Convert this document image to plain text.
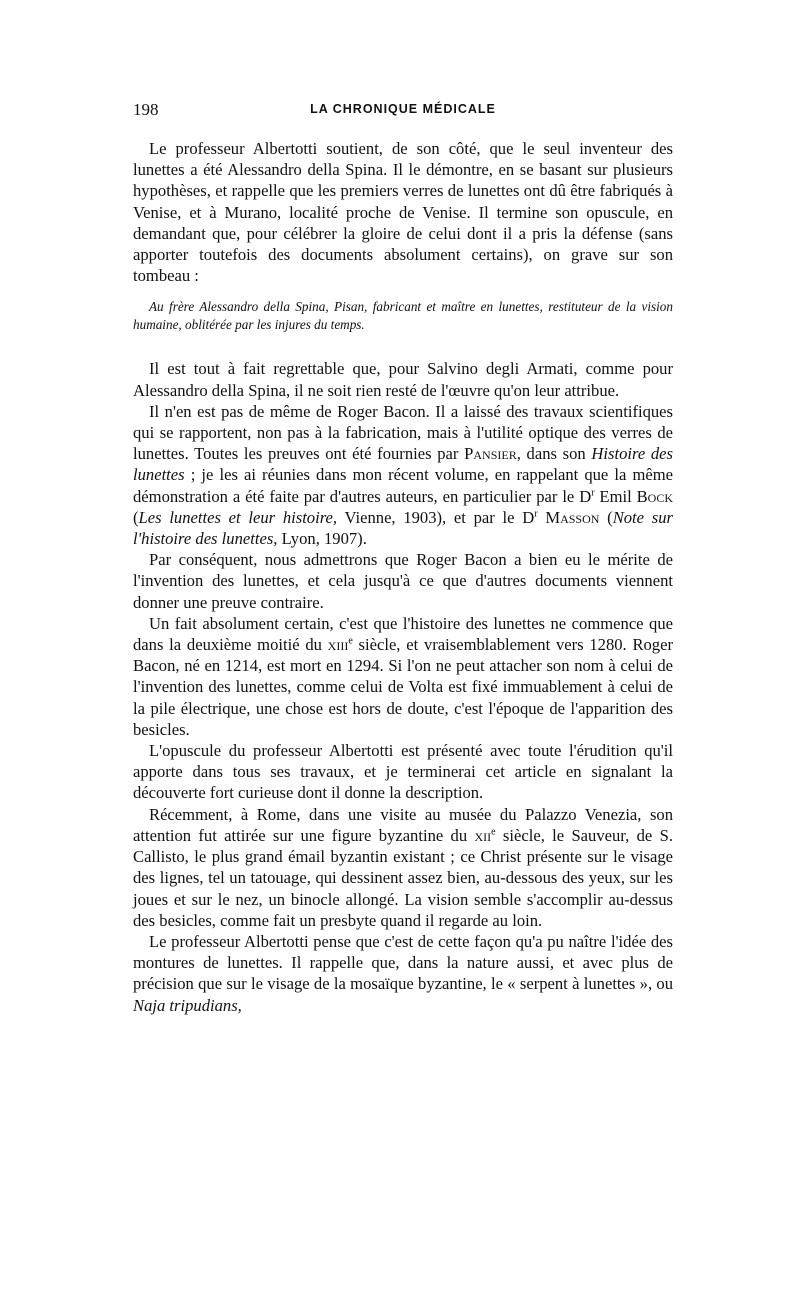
198	LA CHRONIQUE MÉDICALE

Le professeur Albertotti soutient, de son côté, que le seul inventeur des lunettes a été Alessandro della Spina. Il le démontre, en se basant sur plusieurs hypothèses, et rappelle que les premiers verres de lunettes ont dû être fabriqués à Venise, et à Murano, localité proche de Venise. Il termine son opuscule, en demandant que, pour célébrer la gloire de celui dont il a pris la défense (sans apporter toutefois des documents absolument certains), on grave sur son tombeau :

Au frère Alessandro della Spina, Pisan, fabricant et maître en lunettes, restituteur de la vision humaine, oblitérée par les injures du temps.

Il est tout à fait regrettable que, pour Salvino degli Armati, comme pour Alessandro della Spina, il ne soit rien resté de l'œuvre qu'on leur attribue.

Il n'en est pas de même de Roger Bacon. Il a laissé des travaux scientifiques qui se rapportent, non pas à la fabrication, mais à l'utilité optique des verres de lunettes. Toutes les preuves ont été fournies par Pansier, dans son Histoire des lunettes ; je les ai réunies dans mon récent volume, en rappelant que la même démonstration a été faite par d'autres auteurs, en particulier par le $D^r$ Emil Bock (Les lunettes et leur histoire, Vienne, 1903), et par le $D^r$ Masson (Note sur l'histoire des lunettes, Lyon, 1907).

Par conséquent, nous admettrons que Roger Bacon a bien eu le mérite de l'invention des lunettes, et cela jusqu'à ce que d'autres documents viennent donner une preuve contraire.

Un fait absolument certain, c'est que l'histoire des lunettes ne commence que dans la deuxième moitié du xiii$^e$ siècle, et vraisemblablement vers 1280. Roger Bacon, né en 1214, est mort en 1294. Si l'on ne peut attacher son nom à celui de l'invention des lunettes, comme celui de Volta est fixé immuablement à celui de la pile électrique, une chose est hors de doute, c'est l'époque de l'apparition des besicles.

L'opuscule du professeur Albertotti est présenté avec toute l'érudition qu'il apporte dans tous ses travaux, et je terminerai cet article en signalant la découverte fort curieuse dont il donne la description.

Récemment, à Rome, dans une visite au musée du Palazzo Venezia, son attention fut attirée sur une figure byzantine du xii$^e$ siècle, le Sauveur, de S. Callisto, le plus grand émail byzantin existant ; ce Christ présente sur le visage des lignes, tel un tatouage, qui dessinent assez bien, au-dessous des yeux, sur les joues et sur le nez, un binocle allongé. La vision semble s'accomplir au-dessus des besicles, comme fait un presbyte quand il regarde au loin.

Le professeur Albertotti pense que c'est de cette façon qu'a pu naître l'idée des montures de lunettes. Il rappelle que, dans la nature aussi, et avec plus de précision que sur le visage de la mosaïque byzantine, le « serpent à lunettes », ou Naja tripudians,
